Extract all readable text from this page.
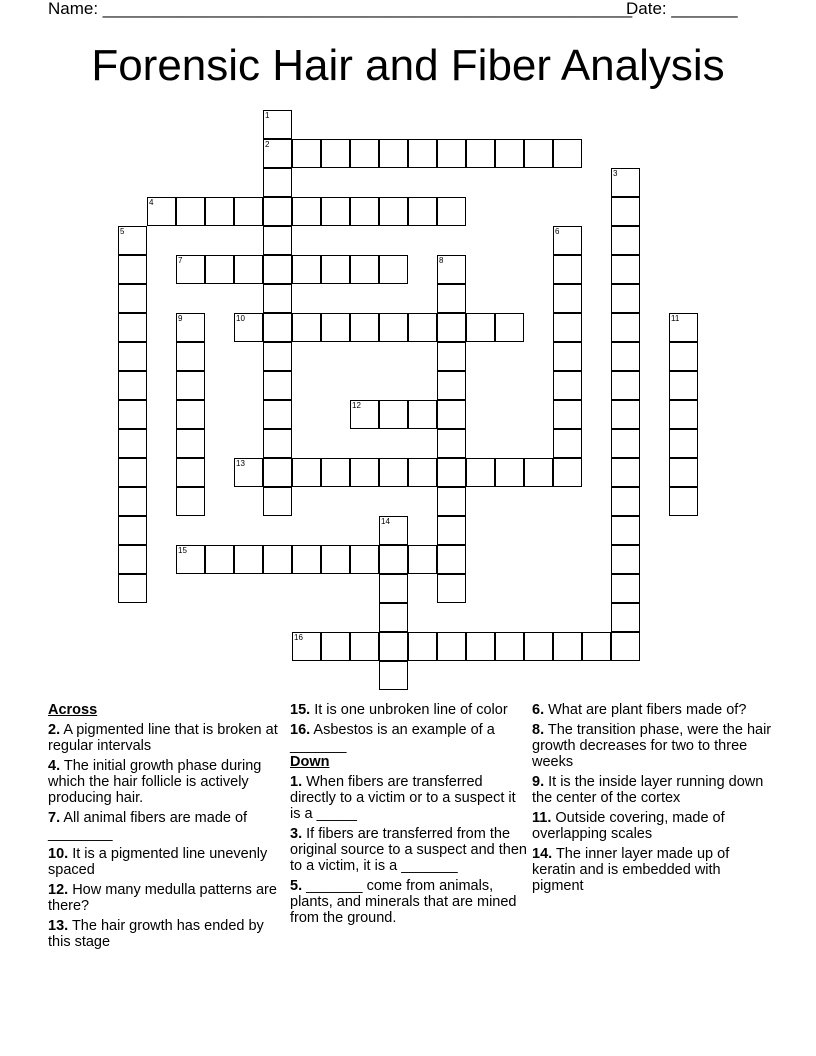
Name: ________________________________________________________
Date: _______
Forensic Hair and Fiber Analysis
1
2
3
4
5	6
7	8
9	10	11
12
13
14
15
16
Across
2. A pigmented line that is broken at regular intervals
4. The initial growth phase during which the hair follicle is actively producing hair.
7. All animal fibers are made of ________
10. It is a pigmented line unevenly spaced
12. How many medulla patterns are there?
13. The hair growth has ended by this stage
15. It is one unbroken line of color
16. Asbestos is an example of a _______
Down
1. When fibers are transferred directly to a victim or to a suspect it is a _____
3. If fibers are transferred from the original source to a suspect and then to a victim, it is a _______
5. _______ come from animals, plants, and minerals that are mined from the ground.
6. What are plant fibers made of?
8. The transition phase, were the hair growth decreases for two to three weeks
9. It is the inside layer running down the center of the cortex
11. Outside covering, made of overlapping scales
14. The inner layer made up of keratin and is embedded with pigment
